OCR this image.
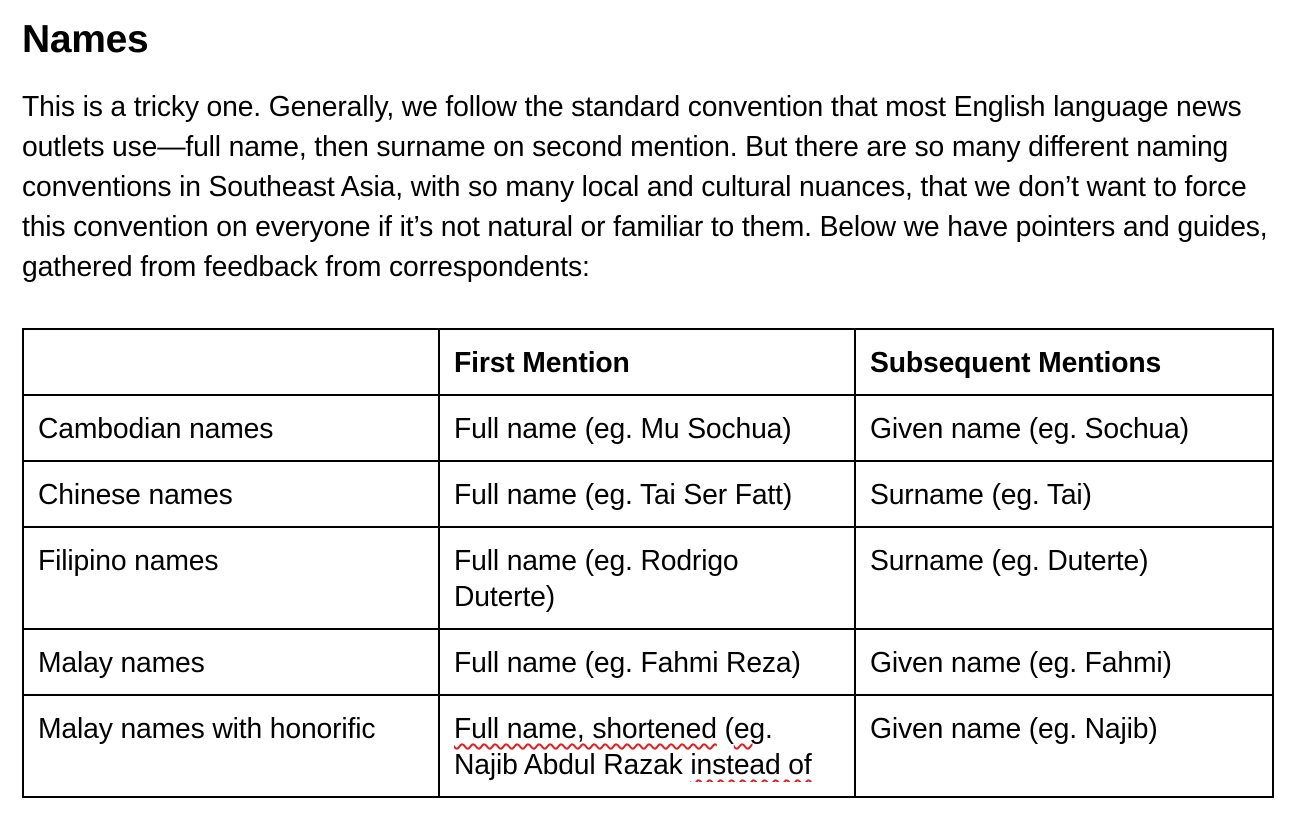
Names

This is a tricky one. Generally, we follow the standard convention that most English language news outlets use—full name, then surname on second mention. But there are so many different naming conventions in Southeast Asia, with so many local and cultural nuances, that we don’t want to force this convention on everyone if it’s not natural or familiar to them. Below we have pointers and guides, gathered from feedback from correspondents:

	First Mention	Subsequent Mentions
Cambodian names	Full name (eg. Mu Sochua)	Given name (eg. Sochua)
Chinese names	Full name (eg. Tai Ser Fatt)	Surname (eg. Tai)
Filipino names	Full name (eg. Rodrigo Duterte)	Surname (eg. Duterte)
Malay names	Full name (eg. Fahmi Reza)	Given name (eg. Fahmi)
Malay names with honorific	Full name, shortened (eg. Najib Abdul Razak instead of	Given name (eg. Najib)
